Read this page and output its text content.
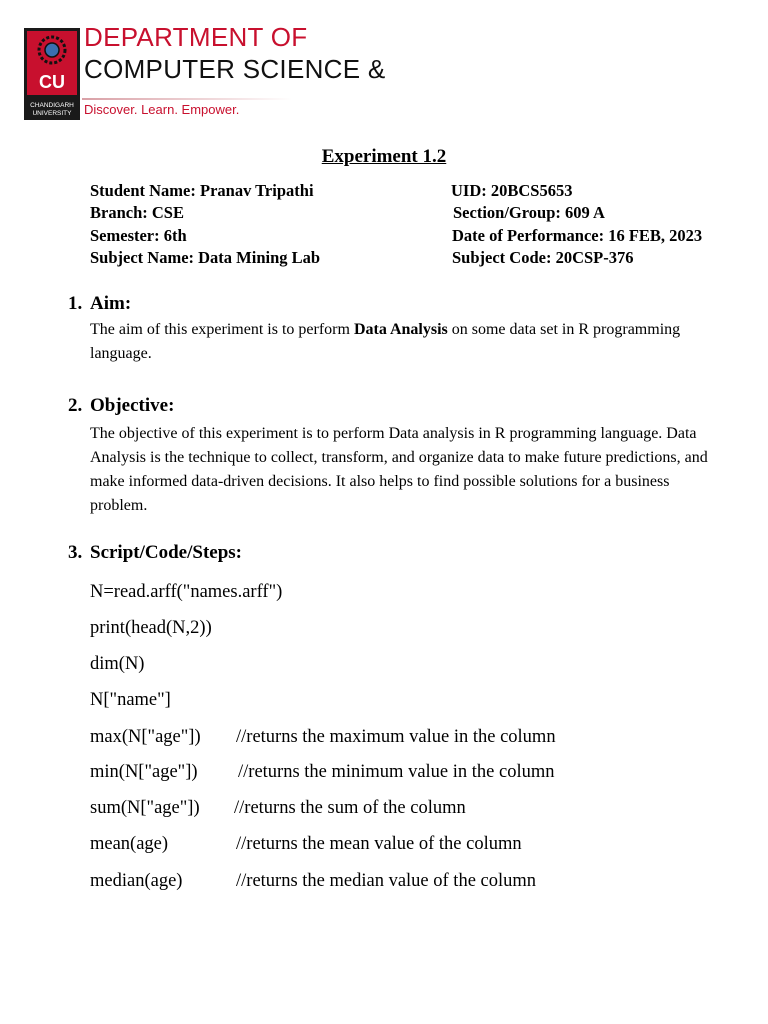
CU
CHANDIGARH
UNIVERSITY
DEPARTMENT OF
COMPUTER SCIENCE &
Discover. Learn. Empower.
Experiment 1.2
Student Name: Pranav Tripathi	UID: 20BCS5653
Branch: CSE	Section/Group: 609 A
Semester: 6th	Date of Performance: 16 FEB, 2023
Subject Name: Data Mining Lab	Subject Code: 20CSP-376
1. Aim:
The aim of this experiment is to perform Data Analysis on some data set in R programming language.
2. Objective:
The objective of this experiment is to perform Data analysis in R programming language. Data Analysis is the technique to collect, transform, and organize data to make future predictions, and make informed data-driven decisions. It also helps to find possible solutions for a business problem.
3. Script/Code/Steps:
N=read.arff("names.arff")
print(head(N,2))
dim(N)
N["name"]
max(N["age"]) //returns the maximum value in the column
min(N["age"]) //returns the minimum value in the column
sum(N["age"]) //returns the sum of the column
mean(age)	//returns the mean value of the column
median(age)	//returns the median value of the column
